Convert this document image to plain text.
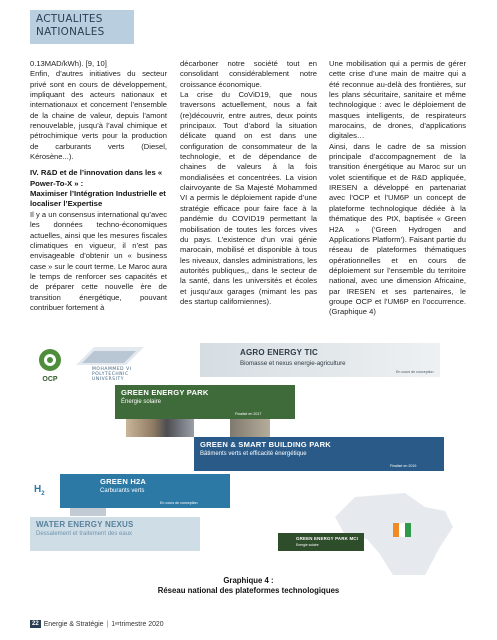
ACTUALITES
NATIONALES

0.13MAD/kWh). [9, 10]

Enfin, d’autres initiatives du secteur privé sont en cours de développement, impliquant des acteurs nationaux et internationaux et concernent l’ensemble de la chaine de valeur, depuis l’amont renouvelable, jusqu’à l’aval chimique et pétrochimique verts pour la production de carburants verts (Diesel, Kérosène...).

IV. R&D et de l’innovation dans les « Power-To-X » :

Maximiser l’Intégration Industrielle et localiser l’Expertise

Il y a un consensus international qu’avec les données techno-économiques actuelles, ainsi que les mesures fiscales climatiques en vigueur, il n’est pas envisageable d’obtenir un « business case » sur le court terme. Le Maroc aura le temps de renforcer ses capacités et de préparer cette nouvelle ère de transition énergétique, pouvant contribuer fortement à

décarboner notre société tout en consolidant considérablement notre croissance économique.

La crise du CoViD19, que nous traversons actuellement, nous a fait (re)découvrir, entre autres, deux points principaux. Tout d’abord la situation délicate quand on est dans une configuration de consommateur de la technologie, et de dépendance de chaines de valeurs à la fois mondialisées et concentrées. La vision clairvoyante de Sa Majesté Mohammed VI a permis le déploiement rapide d’une stratégie efficace pour faire face à la pandémie du COVID19 permettant la mobilisation de toutes les forces vives du pays. L’existence d’un vrai génie marocain, mobilisé et disponible à tous les niveaux, dansles administrations, les autorités publiques,, dans le secteur de la santé, dans les universités et écoles et jusqu’aux garages (mimant les pas des startup californiennes).

Une mobilisation qui a permis de gérer cette crise d’une main de maitre qui a été reconnue au-delà des frontières, sur les plans sécuritaire, sanitaire et même technologique : avec le déploiement de masques intelligents, de respirateurs marocains, de drones, d’applications digitales…

Ainsi, dans le cadre de sa mission principale d’accompagnement de la transition énergétique au Maroc sur un volet scientifique et de R&D appliquée, IRESEN a développé en partenariat avec l’OCP et l’UM6P un concept de plateforme technologique dédiée à la thématique des PtX, baptisée « Green H2A » (‘Green Hydrogen and Applications Platform’). Faisant partie du réseau de plateformes thématiques opérationnelles et en cours de déploiement sur l’ensemble du territoire national, avec une dimension Africaine, par IRESEN et ses partenaires, le groupe OCP et l’UM6P en l’occurrence. (Graphique 4)

OCP
MOHAMMED VI POLYTECHNIC UNIVERSITY
AGRO ENERGY TIC
Biomasse et nexus energie-agriculture
En cours de conception
GREEN ENERGY PARK
Énergie solaire
Finalisé en 2017
GREEN & SMART BUILDING PARK
Bâtiments verts et efficacité énergétique
Finalisé en 2019
$H_2$
GREEN H2A
Carburants verts
En cours de conception
WATER ENERGY NEXUS
Dessalement et traitement des eaux
GREEN ENERGY PARK MCI
Energie solaire
Graphique 4 :
Réseau national des plateformes technologiques
22 Energie & Stratégie | 1 er trimestre 2020
